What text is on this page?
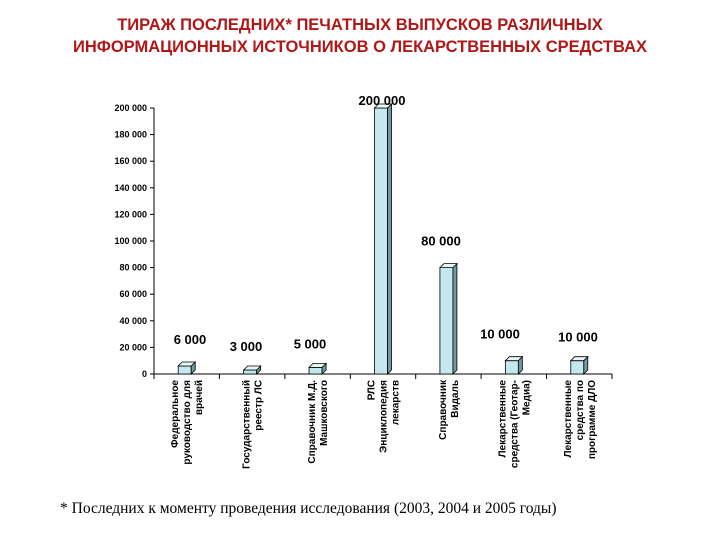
ТИРАЖ ПОСЛЕДНИХ* ПЕЧАТНЫХ ВЫПУСКОВ РАЗЛИЧНЫХ
ИНФОРМАЦИОННЫХ ИСТОЧНИКОВ О ЛЕКАРСТВЕННЫХ СРЕДСТВАХ
0
20 000
40 000
60 000
80 000
100 000
120 000
140 000
160 000
180 000
200 000
6 000 3 000 5 000
200 000
80 000
10 000	10 000
Федеральное руководство для врачей	Государственный реестр ЛС	Справочник М.Д. Машковского	РЛС Энциклопедия лекарств	Справочник Видаль	Лекарственные средства (Геотар- Медиа)	Лекарственные средства по программе ДЛО
* Последних к моменту проведения исследования (2003, 2004 и 2005 годы)
